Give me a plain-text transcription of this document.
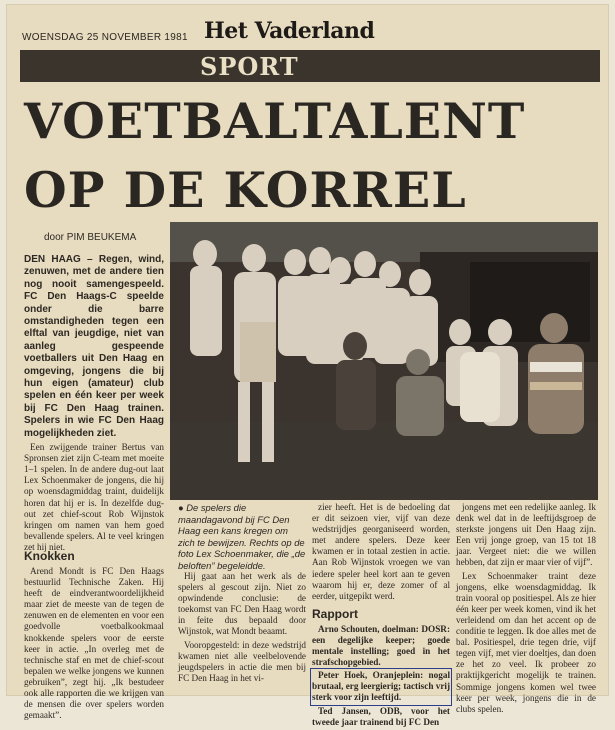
WOENSDAG 25 NOVEMBER 1981 Het Vaderland
SPORT
VOETBALTALENT
OP DE KORREL
door PIM BEUKEMA

DEN HAAG – Regen, wind, zenuwen, met de andere tien nog nooit samengespeeld. FC Den Haags-C speelde onder die barre omstandigheden tegen een elftal van jeugdige, niet van aanleg gespeende voetballers uit Den Haag en omgeving, jongens die bij hun eigen (amateur) club spelen en één keer per week bij FC Den Haag trainen. Spelers in wie FC Den Haag mogelijkheden ziet.

Een zwijgende trainer Bertus van Spronsen ziet zijn C-team met moeite 1–1 spelen. In de andere dug-out laat Lex Schoenmaker de jongens, die hij op woensdagmiddag traint, duidelijk horen dat hij er is. In dezelfde dug-out zet chief-scout Rob Wijnstok kringen om namen van hem goed bevallende spelers. Al te veel kringen zet hij niet.

Knokken

Arend Mondt is FC Den Haags bestuurlid Technische Zaken. Hij heeft de eindverantwoordelijkheid maar ziet de meeste van de tegen de zenuwen en de elementen en voor een goedvolle voetbalkookmaal knokkende spelers voor de eerste keer in actie. „In overleg met de technische staf en met de chief-scout bepalen we welke jongens we kunnen gebruiken”, zegt hij. „Ik bestudeer ook alle rapporten die we krijgen van de mensen die over spelers worden gemaakt”.

● De spelers die maandagavond bij FC Den Haag een kans kregen om zich te bewijzen. Rechts op de foto Lex Schoenmaker, die „de beloften” begeleidde.

Hij gaat aan het werk als de spelers al gescout zijn. Niet zo opwindende conclusie: de toekomst van FC Den Haag wordt in feite dus bepaald door Wijnstok, wat Mondt beaamt.

Vooropgesteld: in deze wedstrijd kwamen niet alle veelbelovende jeugdspelers in actie die men bij FC Den Haag in het vi-

zier heeft. Het is de bedoeling dat er dit seizoen vier, vijf van deze wedstrijdjes georganiseerd worden, met andere spelers. Deze keer kwamen er in totaal zestien in actie. Aan Rob Wijnstok vroegen we van iedere speler heel kort aan te geven waarom hij er, deze zomer of al eerder, uitgepikt werd.

Rapport

Arno Schouten, doelman: DOSR: een degelijke keeper; goede mentale instelling; goed in het strafschopgebied.

Peter Hoek, Oranjeplein: nogal brutaal, erg leergierig; tactisch vrij sterk voor zijn leeftijd.

Ted Jansen, ODB, voor het tweede jaar trainend bij FC Den

jongens met een redelijke aanleg. Ik denk wel dat in de leeftijdsgroep de sterkste jongens uit Den Haag zijn. Een vrij jonge groep, van 15 tot 18 jaar. Vergeet niet: die we willen hebben, dat zijn er maar vier of vijf”.

Lex Schoenmaker traint deze jongens, elke woensdagmiddag. Ik train vooral op positiespel. Als ze hier één keer per week komen, vind ik het verleidend om dan het accent op de conditie te leggen. Ik doe alles met de bal. Positiespel, drie tegen drie, vijf tegen vijf, met vier doeltjes, dan doen ze het zo veel. Ik probeer zo praktijkgericht mogelijk te trainen. Sommige jongens komen wel twee keer per week, jongens die in de clubs spelen.
